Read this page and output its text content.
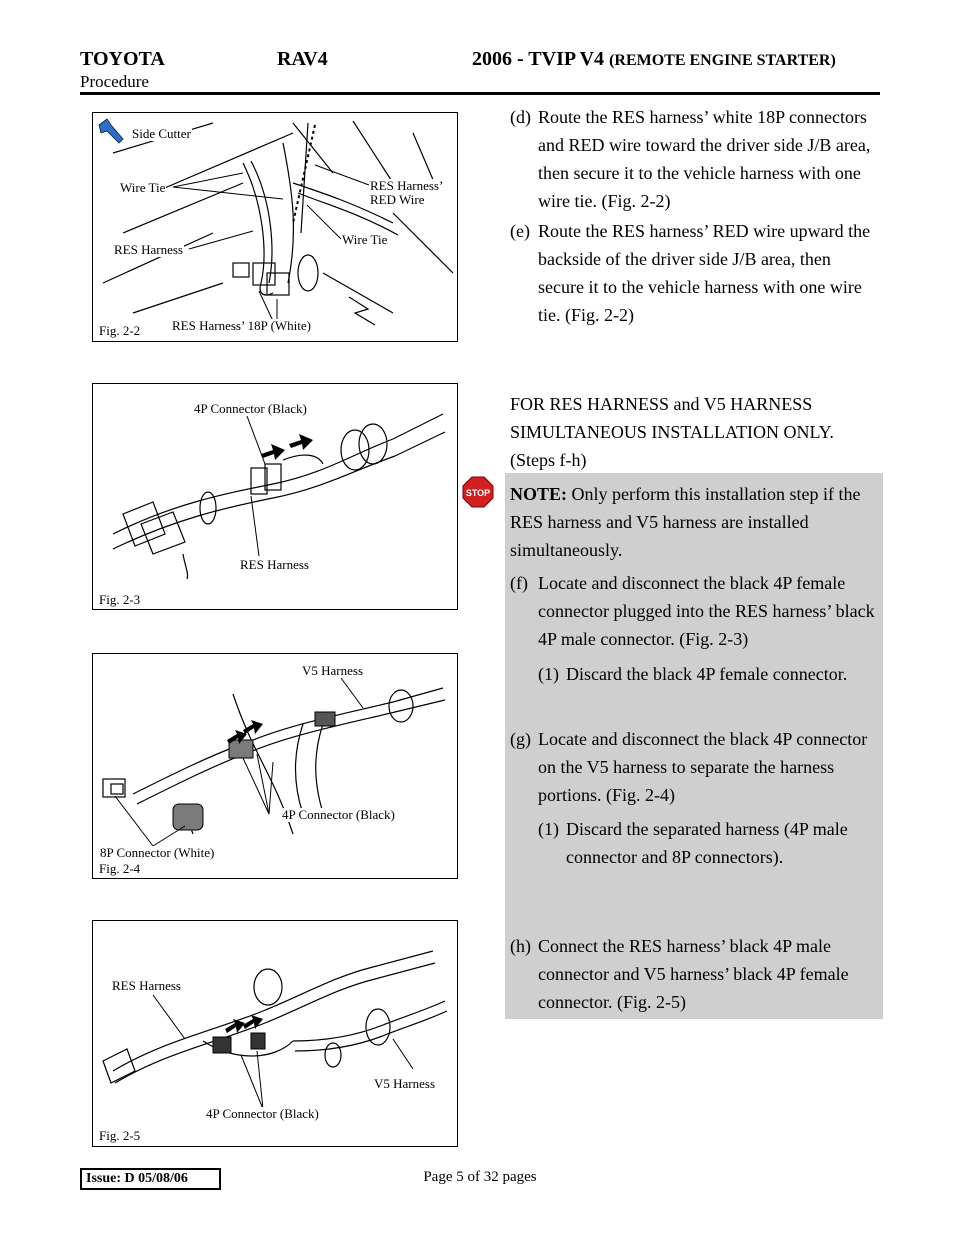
TOYOTA	RAV4	2006 - TVIP V4 (REMOTE ENGINE STARTER)
Procedure
Side Cutter
Wire Tie	RES Harness’
RED Wire
Wire Tie
RES Harness
Fig. 2-2 RES Harness’ 18P (White)
4P Connector (Black)
RES Harness
Fig. 2-3
V5 Harness
4P Connector (Black)
8P Connector (White)
Fig. 2-4
RES Harness
V5 Harness
4P Connector (Black)
Fig. 2-5
(d) Route the RES harness’ white 18P connectors and RED wire toward the driver side J/B area, then secure it to the vehicle harness with one wire tie. (Fig. 2-2)
(e) Route the RES harness’ RED wire upward the backside of the driver side J/B area, then secure it to the vehicle harness with one wire tie. (Fig. 2-2)
FOR RES HARNESS and V5 HARNESS SIMULTANEOUS INSTALLATION ONLY. (Steps f-h)
STOP NOTE: Only perform this installation step if the RES harness and V5 harness are installed simultaneously.
(f) Locate and disconnect the black 4P female connector plugged into the RES harness’ black 4P male connector. (Fig. 2-3)
(1) Discard the black 4P female connector.
(g) Locate and disconnect the black 4P connector on the V5 harness to separate the harness portions. (Fig. 2-4)
(1) Discard the separated harness (4P male connector and 8P connectors).
(h) Connect the RES harness’ black 4P male connector and V5 harness’ black 4P female connector. (Fig. 2-5)
Issue: D 05/08/06	Page 5 of 32 pages
